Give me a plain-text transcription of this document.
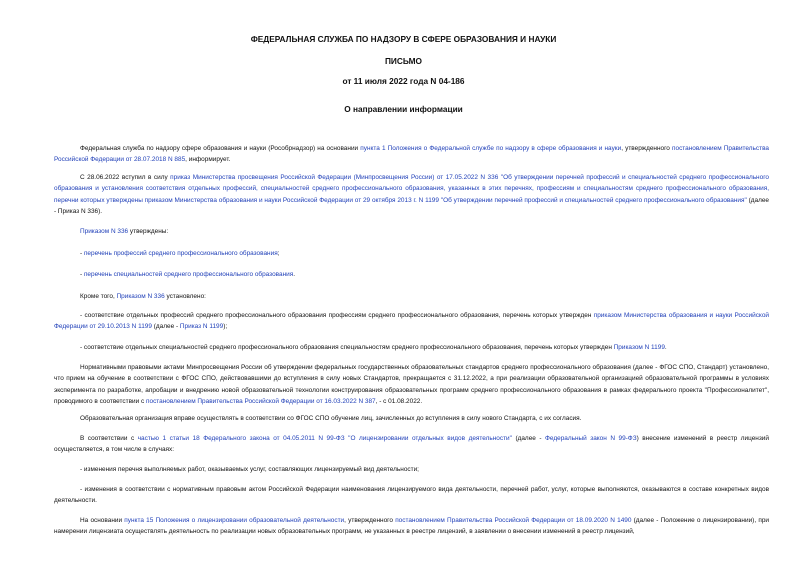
ФЕДЕРАЛЬНАЯ СЛУЖБА ПО НАДЗОРУ В СФЕРЕ ОБРАЗОВАНИЯ И НАУКИ
ПИСЬМО
от 11 июля 2022 года N 04-186
О направлении информации

Федеральная служба по надзору сфере образования и науки (Рособрнадзор) на основании пункта 1 Положения о Федеральной службе по надзору в сфере образования и науки, утвержденного постановлением Правительства Российской Федерации от 28.07.2018 N 885, информирует.

С 28.06.2022 вступил в силу приказ Министерства просвещения Российской Федерации (Минпросвещения России) от 17.05.2022 N 336 "Об утверждении перечней профессий и специальностей среднего профессионального образования и установления соответствия отдельных профессий, специальностей среднего профессионального образования, указанных в этих перечнях, профессиям и специальностям среднего профессионального образования, перечни которых утверждены приказом Министерства образования и науки Российской Федерации от 29 октября 2013 г. N 1199 "Об утверждении перечней профессий и специальностей среднего профессионального образования" (далее - Приказ N 336).

Приказом N 336 утверждены:

- перечень профессий среднего профессионального образования;

- перечень специальностей среднего профессионального образования.

Кроме того, Приказом N 336 установлено:

- соответствие отдельных профессий среднего профессионального образования профессиям среднего профессионального образования, перечень которых утвержден приказом Министерства образования и науки Российской Федерации от 29.10.2013 N 1199 (далее - Приказ N 1199);

- соответствие отдельных специальностей среднего профессионального образования специальностям среднего профессионального образования, перечень которых утвержден Приказом N 1199.

Нормативными правовыми актами Минпросвещения России об утверждении федеральных государственных образовательных стандартов среднего профессионального образования (далее - ФГОС СПО, Стандарт) установлено, что прием на обучение в соответствии с ФГОС СПО, действовавшими до вступления в силу новых Стандартов, прекращается с 31.12.2022, а при реализации образовательной организацией образовательной программы в условиях эксперимента по разработке, апробации и внедрению новой образовательной технологии конструирования образовательных программ среднего профессионального образования в рамках федерального проекта "Профессионалитет", проводимого в соответствии с постановлением Правительства Российской Федерации от 16.03.2022 N 387, - с 01.08.2022.

Образовательная организация вправе осуществлять в соответствии со ФГОС СПО обучение лиц, зачисленных до вступления в силу нового Стандарта, с их согласия.

В соответствии с частью 1 статьи 18 Федерального закона от 04.05.2011 N 99-ФЗ "О лицензировании отдельных видов деятельности" (далее - Федеральный закон N 99-ФЗ) внесение изменений в реестр лицензий осуществляется, в том числе в случаях:

- изменения перечня выполняемых работ, оказываемых услуг, составляющих лицензируемый вид деятельности;

- изменения в соответствии с нормативным правовым актом Российской Федерации наименования лицензируемого вида деятельности, перечней работ, услуг, которые выполняются, оказываются в составе конкретных видов деятельности.

На основании пункта 15 Положения о лицензировании образовательной деятельности, утвержденного постановлением Правительства Российской Федерации от 18.09.2020 N 1490 (далее - Положение о лицензировании), при намерении лицензиата осуществлять деятельность по реализации новых образовательных программ, не указанных в реестре лицензий, в заявлении о внесении изменений в реестр лицензий,
